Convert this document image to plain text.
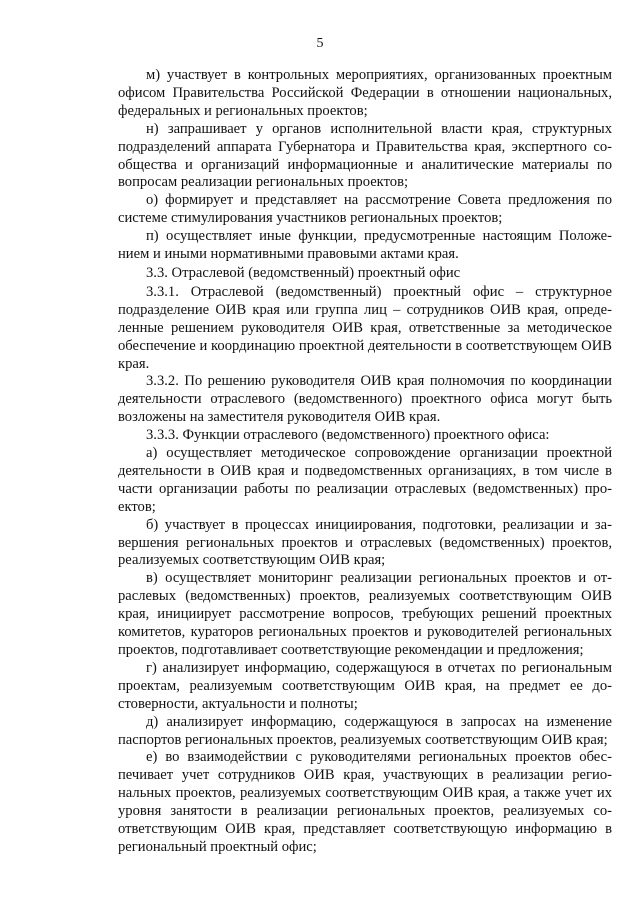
5

м) участвует в контрольных мероприятиях, организованных проектным офисом Правительства Российской Федерации в отношении национальных, федеральных и региональных проектов;

н) запрашивает у органов исполнительной власти края, структурных подразделений аппарата Губернатора и Правительства края, экспертного сообщества и организаций информационные и аналитические материалы по вопросам реализации региональных проектов;

о) формирует и представляет на рассмотрение Совета предложения по системе стимулирования участников региональных проектов;

п) осуществляет иные функции, предусмотренные настоящим Положением и иными нормативными правовыми актами края.

3.3. Отраслевой (ведомственный) проектный офис

3.3.1. Отраслевой (ведомственный) проектный офис – структурное подразделение ОИВ края или группа лиц – сотрудников ОИВ края, определенные решением руководителя ОИВ края, ответственные за методическое обеспечение и координацию проектной деятельности в соответствующем ОИВ края.

3.3.2. По решению руководителя ОИВ края полномочия по координации деятельности отраслевого (ведомственного) проектного офиса могут быть возложены на заместителя руководителя ОИВ края.

3.3.3. Функции отраслевого (ведомственного) проектного офиса:

а) осуществляет методическое сопровождение организации проектной деятельности в ОИВ края и подведомственных организациях, в том числе в части организации работы по реализации отраслевых (ведомственных) проектов;

б) участвует в процессах инициирования, подготовки, реализации и завершения региональных проектов и отраслевых (ведомственных) проектов, реализуемых соответствующим ОИВ края;

в) осуществляет мониторинг реализации региональных проектов и отраслевых (ведомственных) проектов, реализуемых соответствующим ОИВ края, инициирует рассмотрение вопросов, требующих решений проектных комитетов, кураторов региональных проектов и руководителей региональных проектов, подготавливает соответствующие рекомендации и предложения;

г) анализирует информацию, содержащуюся в отчетах по региональным проектам, реализуемым соответствующим ОИВ края, на предмет ее достоверности, актуальности и полноты;

д) анализирует информацию, содержащуюся в запросах на изменение паспортов региональных проектов, реализуемых соответствующим ОИВ края;

е) во взаимодействии с руководителями региональных проектов обеспечивает учет сотрудников ОИВ края, участвующих в реализации региональных проектов, реализуемых соответствующим ОИВ края, а также учет их уровня занятости в реализации региональных проектов, реализуемых соответствующим ОИВ края, представляет соответствующую информацию в региональный проектный офис;
